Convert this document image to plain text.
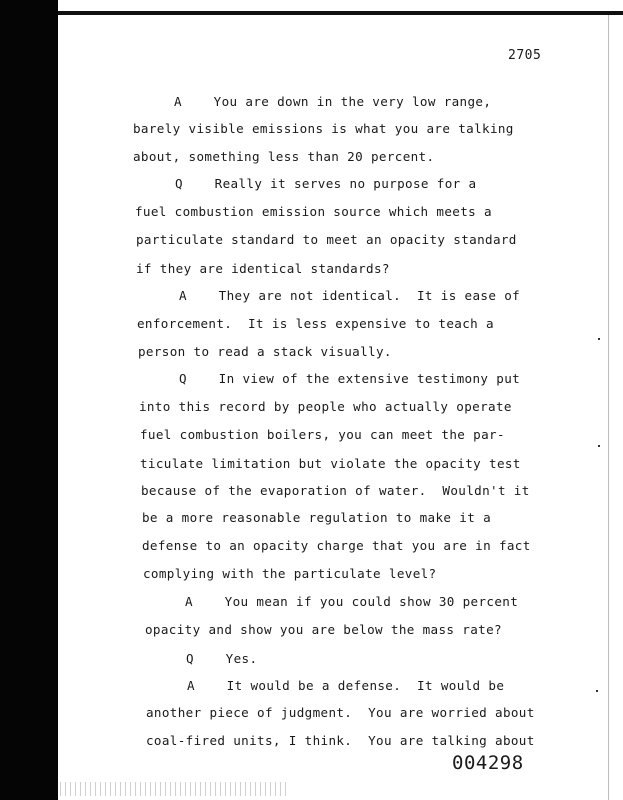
2705
A    You are down in the very low range,
barely visible emissions is what you are talking
about, something less than 20 percent.
Q    Really it serves no purpose for a
fuel combustion emission source which meets a
particulate standard to meet an opacity standard
if they are identical standards?
A    They are not identical.  It is ease of
enforcement.  It is less expensive to teach a
person to read a stack visually.
Q    In view of the extensive testimony put
into this record by people who actually operate
fuel combustion boilers, you can meet the par-
ticulate limitation but violate the opacity test
because of the evaporation of water.  Wouldn't it
be a more reasonable regulation to make it a
defense to an opacity charge that you are in fact
complying with the particulate level?
A    You mean if you could show 30 percent
opacity and show you are below the mass rate?
Q    Yes.
A    It would be a defense.  It would be
another piece of judgment.  You are worried about
coal-fired units, I think.  You are talking about
004298
